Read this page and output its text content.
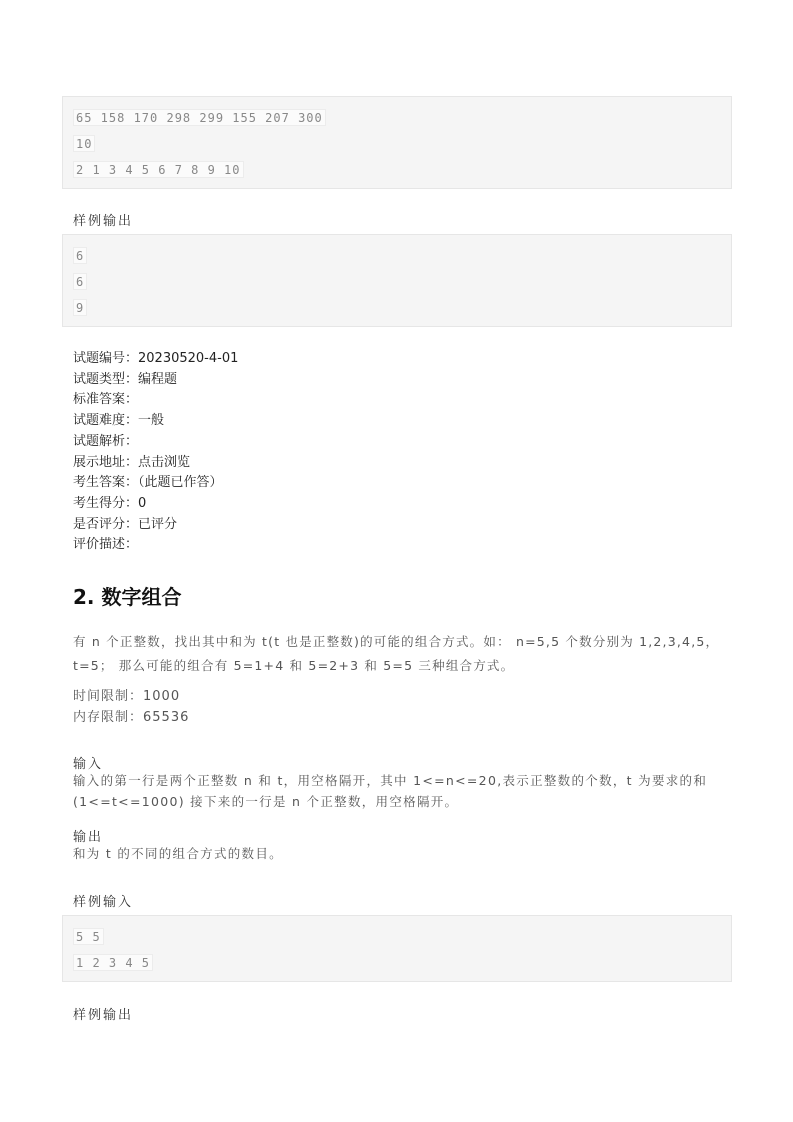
65 158 170 298 299 155 207 300
10
2 1 3 4 5 6 7 8 9 10
样例输出
6
6
9
试题编号：20230520-4-01
试题类型：编程题
标准答案：
试题难度：一般
试题解析：
展示地址：点击浏览
考生答案：（此题已作答）
考生得分：0
是否评分：已评分
评价描述：
2. 数字组合
有 n 个正整数，找出其中和为 t(t 也是正整数)的可能的组合方式。如： n=5,5 个数分别为 1,2,3,4,5，
t=5； 那么可能的组合有 5=1+4 和 5=2+3 和 5=5 三种组合方式。
时间限制：1000
内存限制：65536
输入
输入的第一行是两个正整数 n 和 t，用空格隔开，其中 1<=n<=20,表示正整数的个数，t 为要求的和
(1<=t<=1000) 接下来的一行是 n 个正整数，用空格隔开。
输出
和为 t 的不同的组合方式的数目。
样例输入
5 5
1 2 3 4 5
样例输出
